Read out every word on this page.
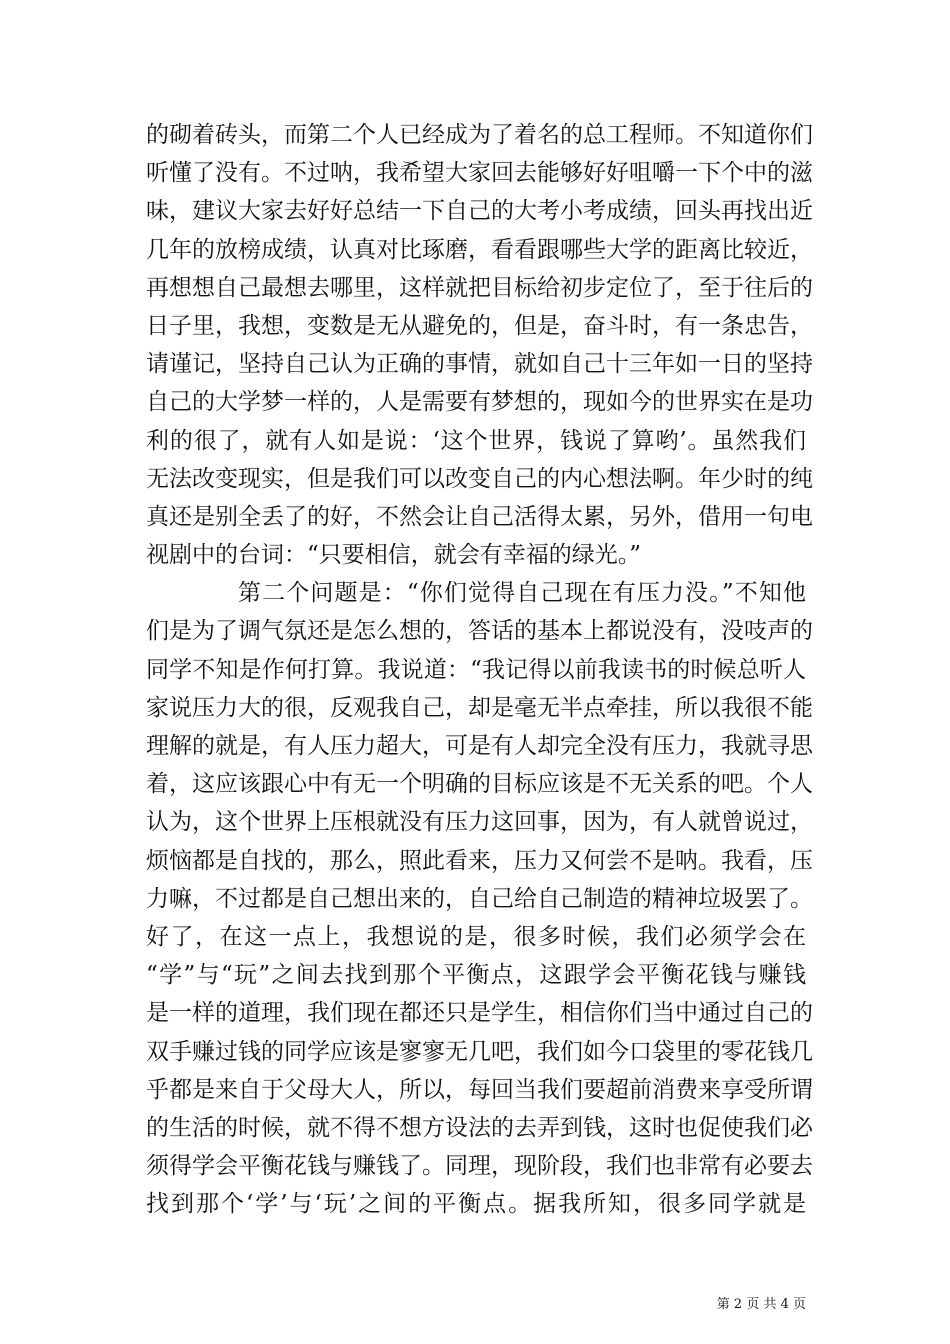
的砌着砖头，而第二个人已经成为了着名的总工程师。不知道你们
听懂了没有。不过呐，我希望大家回去能够好好咀嚼一下个中的滋
味，建议大家去好好总结一下自己的大考小考成绩，回头再找出近
几年的放榜成绩，认真对比琢磨，看看跟哪些大学的距离比较近，
再想想自己最想去哪里，这样就把目标给初步定位了，至于往后的
日子里，我想，变数是无从避免的，但是，奋斗时，有一条忠告，
请谨记，坚持自己认为正确的事情，就如自己十三年如一日的坚持
自己的大学梦一样的，人是需要有梦想的，现如今的世界实在是功
利的很了，就有人如是说：‘这个世界，钱说了算哟’。虽然我们
无法改变现实，但是我们可以改变自己的内心想法啊。年少时的纯
真还是别全丢了的好，不然会让自己活得太累，另外，借用一句电
视剧中的台词：“只要相信，就会有幸福的绿光。”

第二个问题是：“你们觉得自己现在有压力没。”不知他
们是为了调气氛还是怎么想的，答话的基本上都说没有，没吱声的
同学不知是作何打算。我说道：“我记得以前我读书的时候总听人
家说压力大的很，反观我自己，却是毫无半点牵挂，所以我很不能
理解的就是，有人压力超大，可是有人却完全没有压力，我就寻思
着，这应该跟心中有无一个明确的目标应该是不无关系的吧。个人
认为，这个世界上压根就没有压力这回事，因为，有人就曾说过，
烦恼都是自找的，那么，照此看来，压力又何尝不是呐。我看，压
力嘛，不过都是自己想出来的，自己给自己制造的精神垃圾罢了。
好了，在这一点上，我想说的是，很多时候，我们必须学会在
“学”与“玩”之间去找到那个平衡点，这跟学会平衡花钱与赚钱
是一样的道理，我们现在都还只是学生，相信你们当中通过自己的
双手赚过钱的同学应该是寥寥无几吧，我们如今口袋里的零花钱几
乎都是来自于父母大人，所以，每回当我们要超前消费来享受所谓
的生活的时候，就不得不想方设法的去弄到钱，这时也促使我们必
须得学会平衡花钱与赚钱了。同理，现阶段，我们也非常有必要去
找到那个‘学’与‘玩’之间的平衡点。据我所知，很多同学就是

第 2 页 共 4 页
